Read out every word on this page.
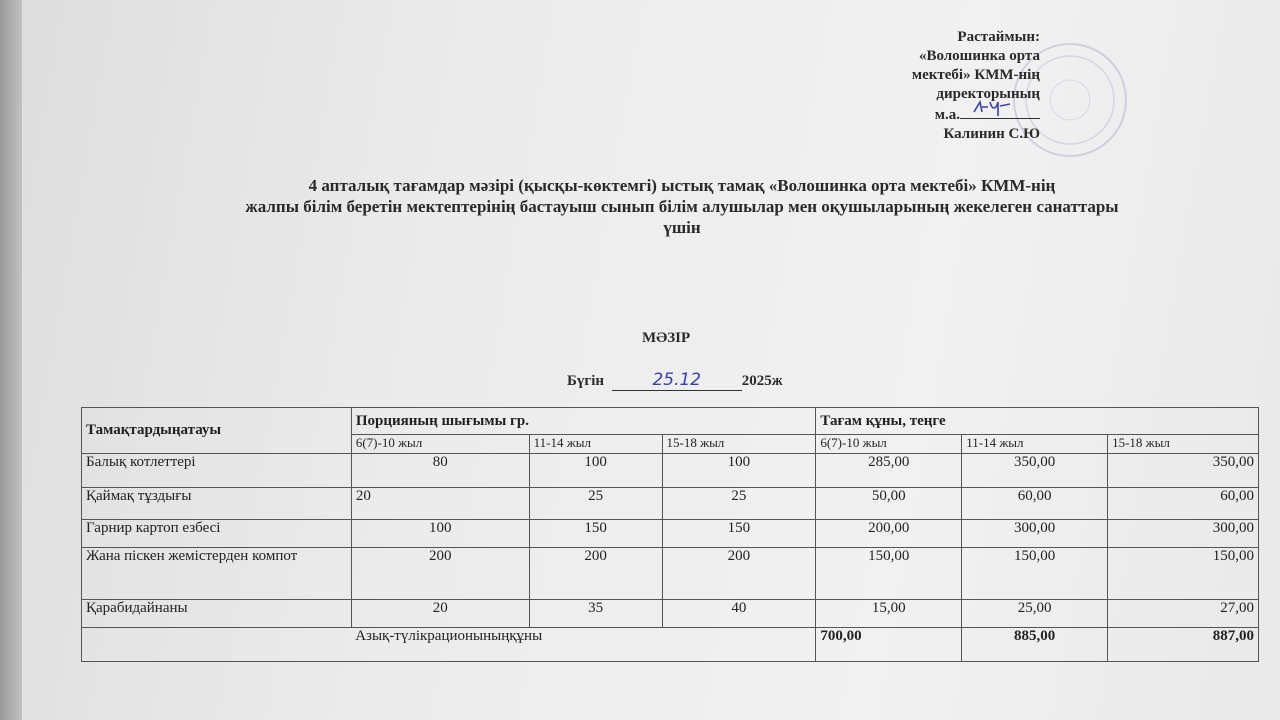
Растаймын:
«Волошинка орта
мектебі» КММ-нің
директорының
м.а.
Калинин С.Ю
4 апталық тағамдар мәзірі (қысқы-көктемгі) ыстық тамақ «Волошинка орта мектебі» КММ-нің
жалпы білім беретін мектептерінің бастауыш сынып білім алушылар мен оқушыларының жекелеген санаттары
үшін
МӘЗІР
Бүгін	25.12	2025ж
Тамақтардыңатауы	Порцияның шығымы гр.			Тағам құны, теңге		
	6(7)-10 жыл	11-14 жыл	15-18 жыл	6(7)-10 жыл	11-14 жыл	15-18 жыл
Балық котлеттері	80	100	100	285,00	350,00	350,00
Қаймақ тұздығы	20	25	25	50,00	60,00	60,00
Гарнир картоп езбесі	100	150	150	200,00	300,00	300,00
Жана піскен жемістерден компот	200	200	200	150,00	150,00	150,00
Қарабидайнаны	20	35	40	15,00	25,00	27,00
Азық-түлікрационыныңқұны				700,00	885,00	887,00
